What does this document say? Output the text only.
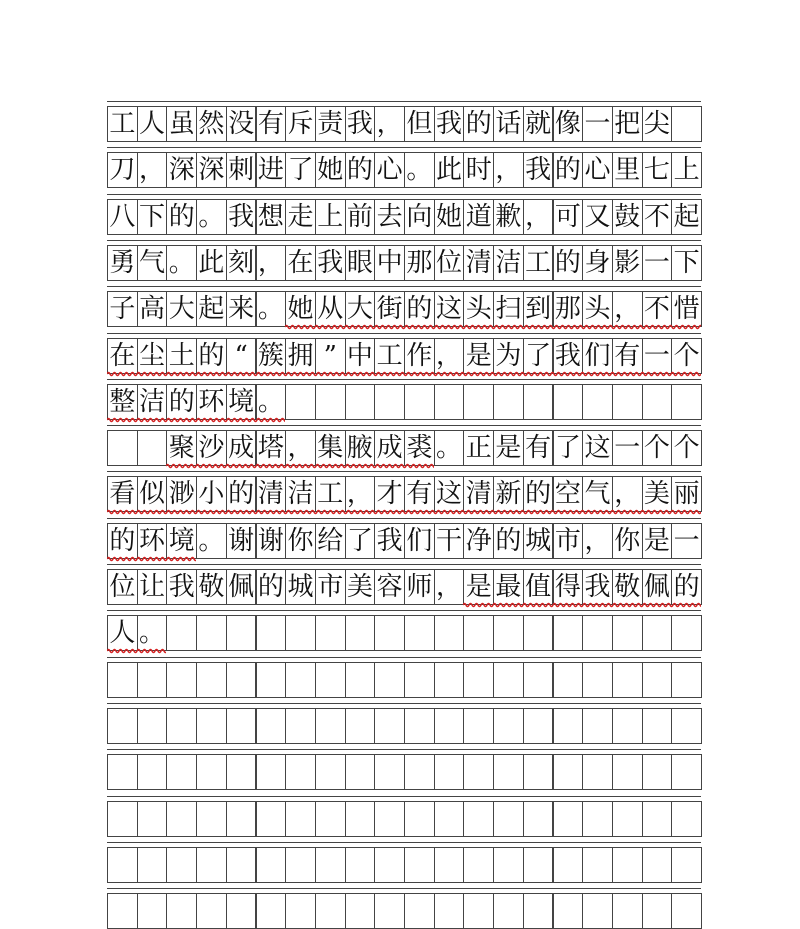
工 人 虽 然 没 有 斥 责 我 ， 但 我 的 话 就 像 一 把 尖
刀 ， 深 深 刺 进 了 她 的 心 。 此 时 ， 我 的 心 里 七 上
八 下 的 。 我 想 走 上 前 去 向 她 道 歉 ， 可 又 鼓 不 起
勇 气 。 此 刻 ， 在 我 眼 中 那 位 清 洁 工 的 身 影 一 下
子 高 大 起 来 。 她 从 大 街 的 这 头 扫 到 那 头 ， 不 惜
在 尘 土 的 “ 簇 拥 ” 中 工 作 ， 是 为 了 我 们 有 一 个
整 洁 的 环 境 。
聚 沙 成 塔 ， 集 腋 成 裘 。 正 是 有 了 这 一 个 个
看 似 渺 小 的 清 洁 工 ， 才 有 这 清 新 的 空 气 ， 美 丽
的 环 境 。 谢 谢 你 给 了 我 们 干 净 的 城 市 ， 你 是 一
位 让 我 敬 佩 的 城 市 美 容 师 ， 是 最 值 得 我 敬 佩 的
人 。
